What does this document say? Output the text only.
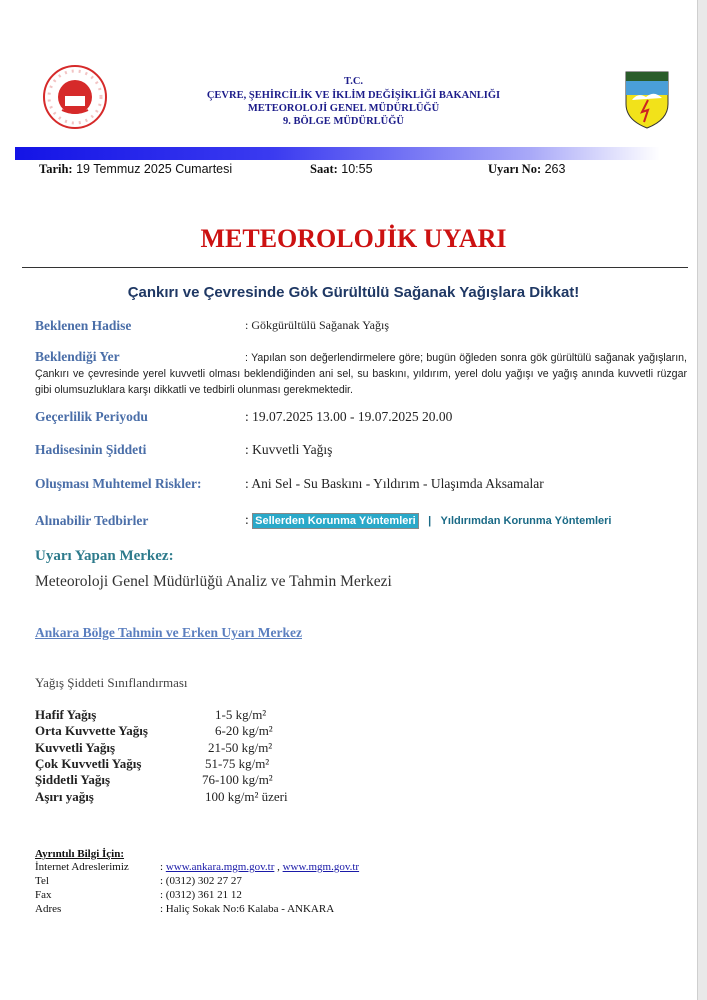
T.C.
ÇEVRE, ŞEHİRCİLİK VE İKLİM DEĞİŞİKLİĞİ BAKANLIĞI
METEOROLOJİ GENEL MÜDÜRLÜĞÜ
9. BÖLGE MÜDÜRLÜĞÜ
Tarih: 19 Temmuz 2025 Cumartesi	Saat: 10:55	Uyarı No: 263
METEOROLOJİK UYARI
Çankırı ve Çevresinde Gök Gürültülü Sağanak Yağışlara Dikkat!
Beklenen Hadise	: Gökgürültülü Sağanak Yağış
Beklendiği Yer	: Yapılan son değerlendirmelere göre; bugün öğleden sonra gök gürültülü sağanak yağışların, Çankırı ve çevresinde yerel kuvvetli olması beklendiğinden ani sel, su baskını, yıldırım, yerel dolu yağışı ve yağış anında kuvvetli rüzgar gibi olumsuzluklara karşı dikkatli ve tedbirli olunması gerekmektedir.
Geçerlilik Periyodu	: 19.07.2025 13.00 - 19.07.2025 20.00
Hadisesinin Şiddeti	: Kuvvetli Yağış
Oluşması Muhtemel Riskler:	: Ani Sel - Su Baskını - Yıldırım - Ulaşımda Aksamalar
Alınabilir Tedbirler	: Sellerden Korunma Yöntemleri | Yıldırımdan Korunma Yöntemleri
Uyarı Yapan Merkez:
Meteoroloji Genel Müdürlüğü Analiz ve Tahmin Merkezi
Ankara Bölge Tahmin ve Erken Uyarı Merkez
Yağış Şiddeti Sınıflandırması
Hafif Yağış	1-5 kg/m²
Orta Kuvvette Yağış	6-20 kg/m²
Kuvvetli Yağış	21-50 kg/m²
Çok Kuvvetli Yağış	51-75 kg/m²
Şiddetli Yağış	76-100 kg/m²
Aşırı yağış	100 kg/m² üzeri
Ayrıntılı Bilgi İçin:
İnternet Adreslerimiz	: www.ankara.mgm.gov.tr , www.mgm.gov.tr
Tel	: (0312) 302 27 27
Fax	: (0312) 361 21 12
Adres	: Haliç Sokak No:6 Kalaba - ANKARA
